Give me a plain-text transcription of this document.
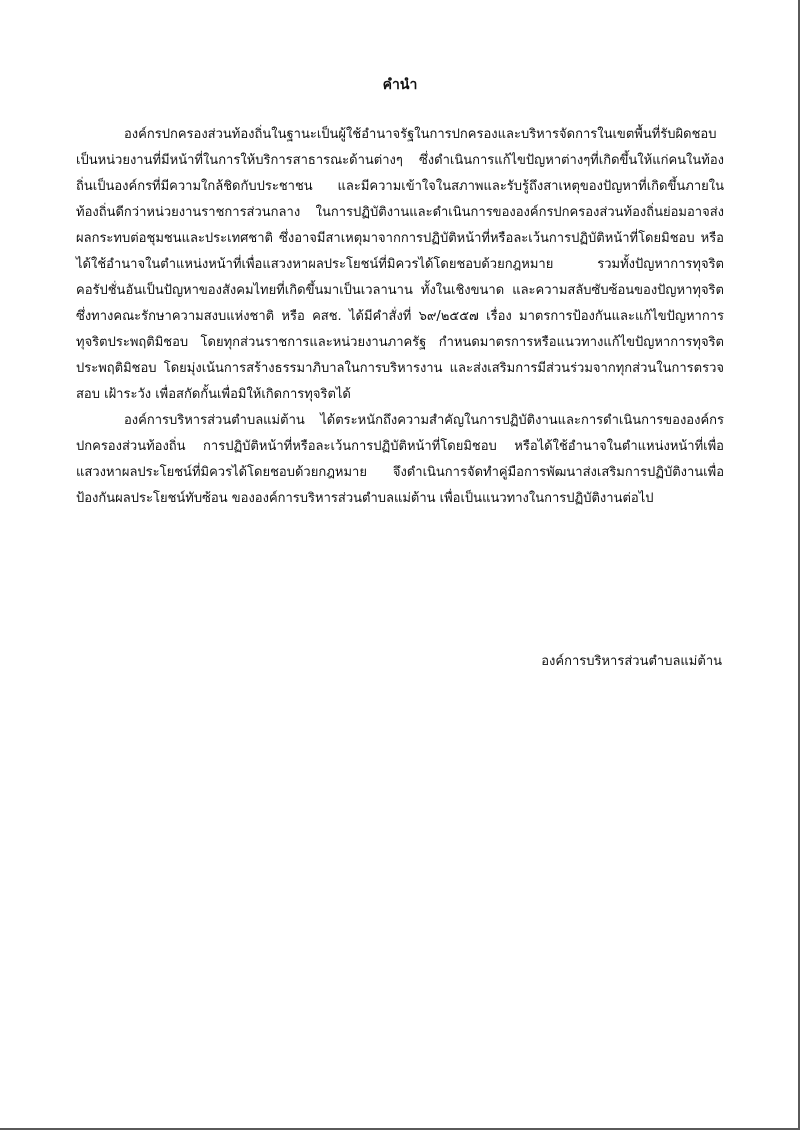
คำนำ

องค์กรปกครองส่วนท้องถิ่นในฐานะเป็นผู้ใช้อำนาจรัฐในการปกครองและบริหารจัดการในเขตพื้นที่รับผิดชอบ เป็นหน่วยงานที่มีหน้าที่ในการให้บริการสาธารณะด้านต่างๆ ซึ่งดำเนินการแก้ไขปัญหาต่างๆที่เกิดขึ้นให้แก่คนในท้องถิ่นเป็นองค์กรที่มีความใกล้ชิดกับประชาชน และมีความเข้าใจในสภาพและรับรู้ถึงสาเหตุของปัญหาที่เกิดขึ้นภายในท้องถิ่นดีกว่าหน่วยงานราชการส่วนกลาง ในการปฏิบัติงานและดำเนินการขององค์กรปกครองส่วนท้องถิ่นย่อมอาจส่งผลกระทบต่อชุมชนและประเทศชาติ ซึ่งอาจมีสาเหตุมาจากการปฏิบัติหน้าที่หรือละเว้นการปฏิบัติหน้าที่โดยมิชอบ หรือได้ใช้อำนาจในตำแหน่งหน้าที่เพื่อแสวงหาผลประโยชน์ที่มิควรได้โดยชอบด้วยกฎหมาย รวมทั้งปัญหาการทุจริตคอรัปชั่นอันเป็นปัญหาของสังคมไทยที่เกิดขึ้นมาเป็นเวลานาน ทั้งในเชิงขนาด และความสลับซับซ้อนของปัญหาทุจริต ซึ่งทางคณะรักษาความสงบแห่งชาติ หรือ คสช. ได้มีคำสั่งที่ ๖๙/๒๕๕๗ เรื่อง มาตรการป้องกันและแก้ไขปัญหาการทุจริตประพฤติมิชอบ โดยทุกส่วนราชการและหน่วยงานภาครัฐ กำหนดมาตรการหรือแนวทางแก้ไขปัญหาการทุจริตประพฤติมิชอบ โดยมุ่งเน้นการสร้างธรรมาภิบาลในการบริหารงาน และส่งเสริมการมีส่วนร่วมจากทุกส่วนในการตรวจสอบ เฝ้าระวัง เพื่อสกัดกั้นเพื่อมิให้เกิดการทุจริตได้

องค์การบริหารส่วนตำบลแม่ต้าน ได้ตระหนักถึงความสำคัญในการปฏิบัติงานและการดำเนินการขององค์กรปกครองส่วนท้องถิ่น การปฏิบัติหน้าที่หรือละเว้นการปฏิบัติหน้าที่โดยมิชอบ หรือได้ใช้อำนาจในตำแหน่งหน้าที่เพื่อแสวงหาผลประโยชน์ที่มิควรได้โดยชอบด้วยกฎหมาย จึงดำเนินการจัดทำคู่มือการพัฒนาส่งเสริมการปฏิบัติงานเพื่อป้องกันผลประโยชน์ทับซ้อน ขององค์การบริหารส่วนตำบลแม่ต้าน เพื่อเป็นแนวทางในการปฏิบัติงานต่อไป

องค์การบริหารส่วนตำบลแม่ต้าน
